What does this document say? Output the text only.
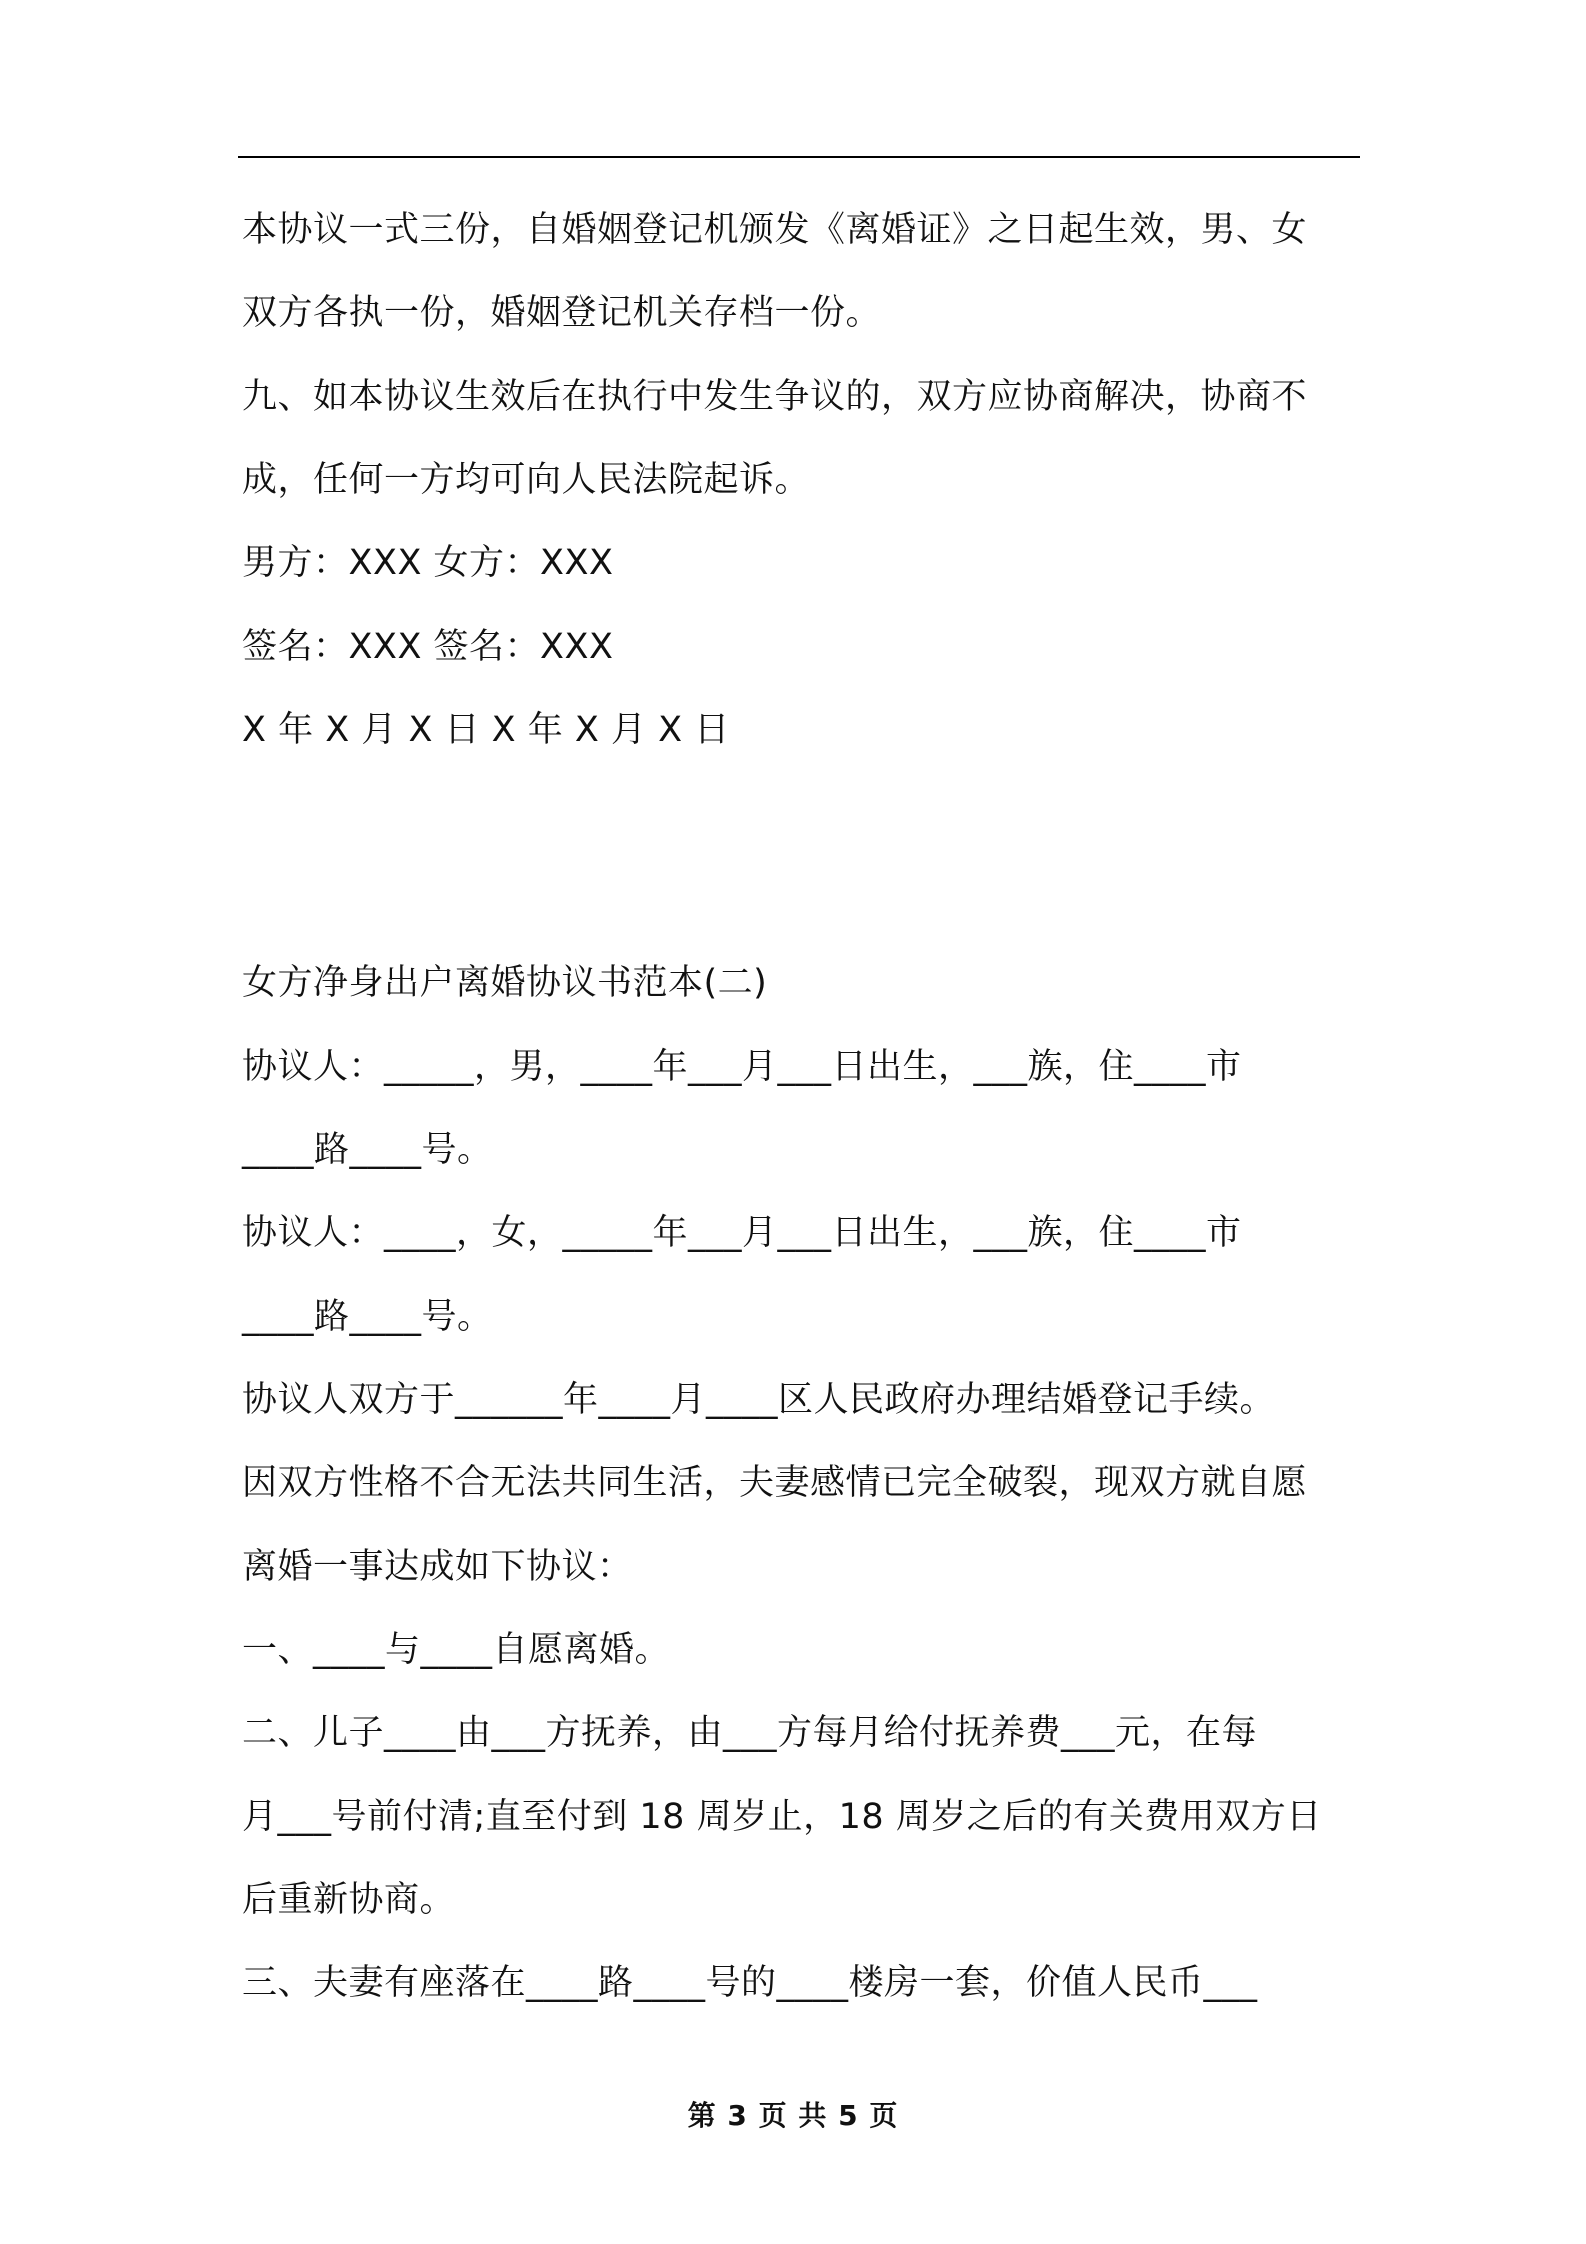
本协议一式三份，自婚姻登记机颁发《离婚证》之日起生效，男、女
双方各执一份，婚姻登记机关存档一份。
九、如本协议生效后在执行中发生争议的，双方应协商解决，协商不
成，任何一方均可向人民法院起诉。
男方：XXX 女方：XXX
签名：XXX 签名：XXX
X 年 X 月 X 日 X 年 X 月 X 日
女方净身出户离婚协议书范本(二)
协议人：_____，男，____年___月___日出生，___族，住____市
____路____号。
协议人：____，女，_____年___月___日出生，___族，住____市
____路____号。
协议人双方于______年____月____区人民政府办理结婚登记手续。
因双方性格不合无法共同生活，夫妻感情已完全破裂，现双方就自愿
离婚一事达成如下协议：
一、____与____自愿离婚。
二、儿子____由___方抚养，由___方每月给付抚养费___元，在每
月___号前付清;直至付到 18 周岁止，18 周岁之后的有关费用双方日
后重新协商。
三、夫妻有座落在____路____号的____楼房一套，价值人民币___
第 3 页 共 5 页
